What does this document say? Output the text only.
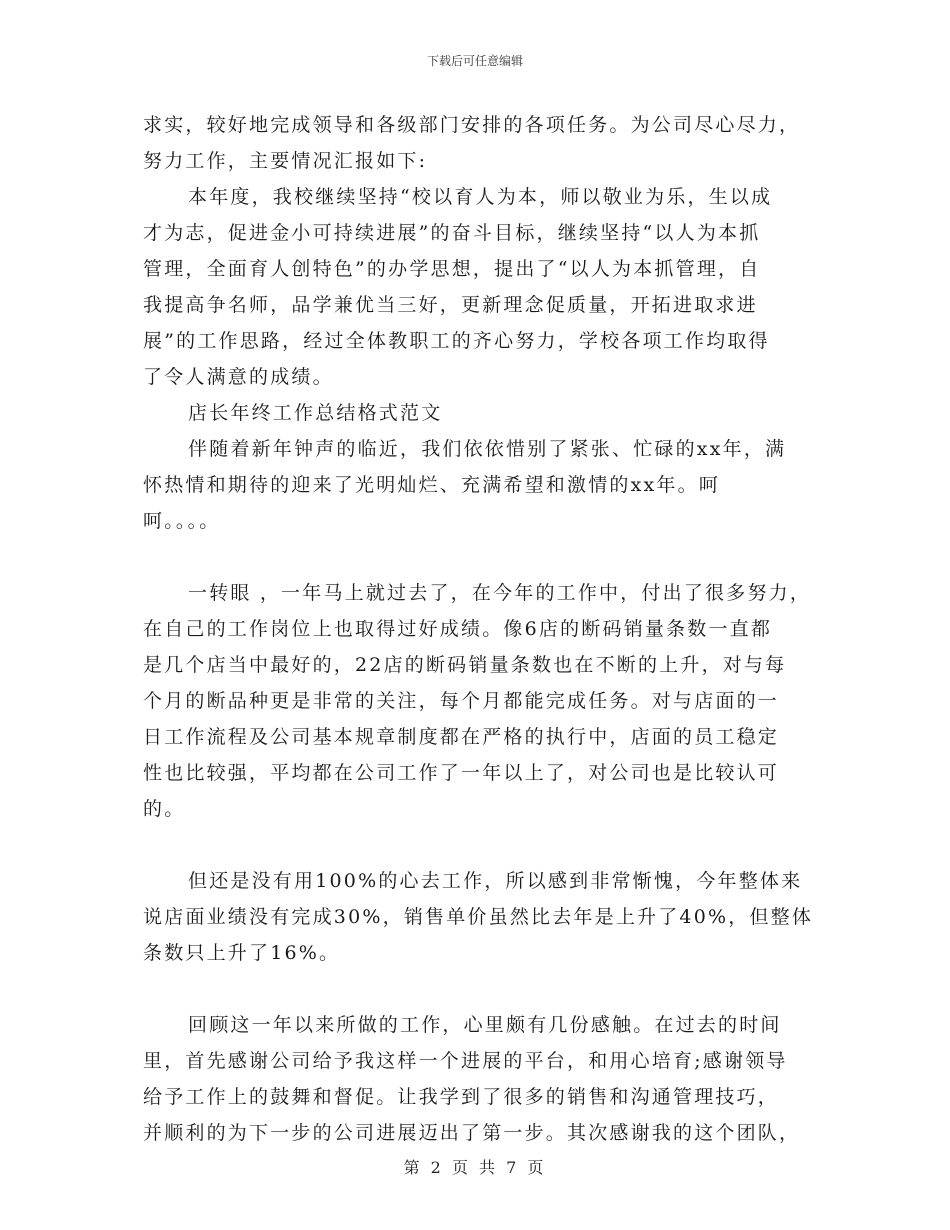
下载后可任意编辑
求实，较好地完成领导和各级部门安排的各项任务。为公司尽心尽力，
努力工作，主要情况汇报如下:
本年度，我校继续坚持“校以育人为本，师以敬业为乐，生以成
才为志，促进金小可持续进展”的奋斗目标，继续坚持“以人为本抓
管理，全面育人创特色”的办学思想，提出了“以人为本抓管理，自
我提高争名师，品学兼优当三好，更新理念促质量，开拓进取求进
展”的工作思路，经过全体教职工的齐心努力，学校各项工作均取得
了令人满意的成绩。
店长年终工作总结格式范文
伴随着新年钟声的临近，我们依依惜别了紧张、忙碌的xx年，满
怀热情和期待的迎来了光明灿烂、充满希望和激情的xx年。呵
呵。。。。
一转眼 ，一年马上就过去了，在今年的工作中，付出了很多努力，
在自己的工作岗位上也取得过好成绩。像6店的断码销量条数一直都
是几个店当中最好的，22店的断码销量条数也在不断的上升，对与每
个月的断品种更是非常的关注，每个月都能完成任务。对与店面的一
日工作流程及公司基本规章制度都在严格的执行中，店面的员工稳定
性也比较强，平均都在公司工作了一年以上了，对公司也是比较认可
的。
但还是没有用100%的心去工作，所以感到非常惭愧，今年整体来
说店面业绩没有完成30%，销售单价虽然比去年是上升了40%，但整体
条数只上升了16%。
回顾这一年以来所做的工作，心里颇有几份感触。在过去的时间
里，首先感谢公司给予我这样一个进展的平台，和用心培育;感谢领导
给予工作上的鼓舞和督促。让我学到了很多的销售和沟通管理技巧，
并顺利的为下一步的公司进展迈出了第一步。其次感谢我的这个团队，
第 2 页 共 7 页
